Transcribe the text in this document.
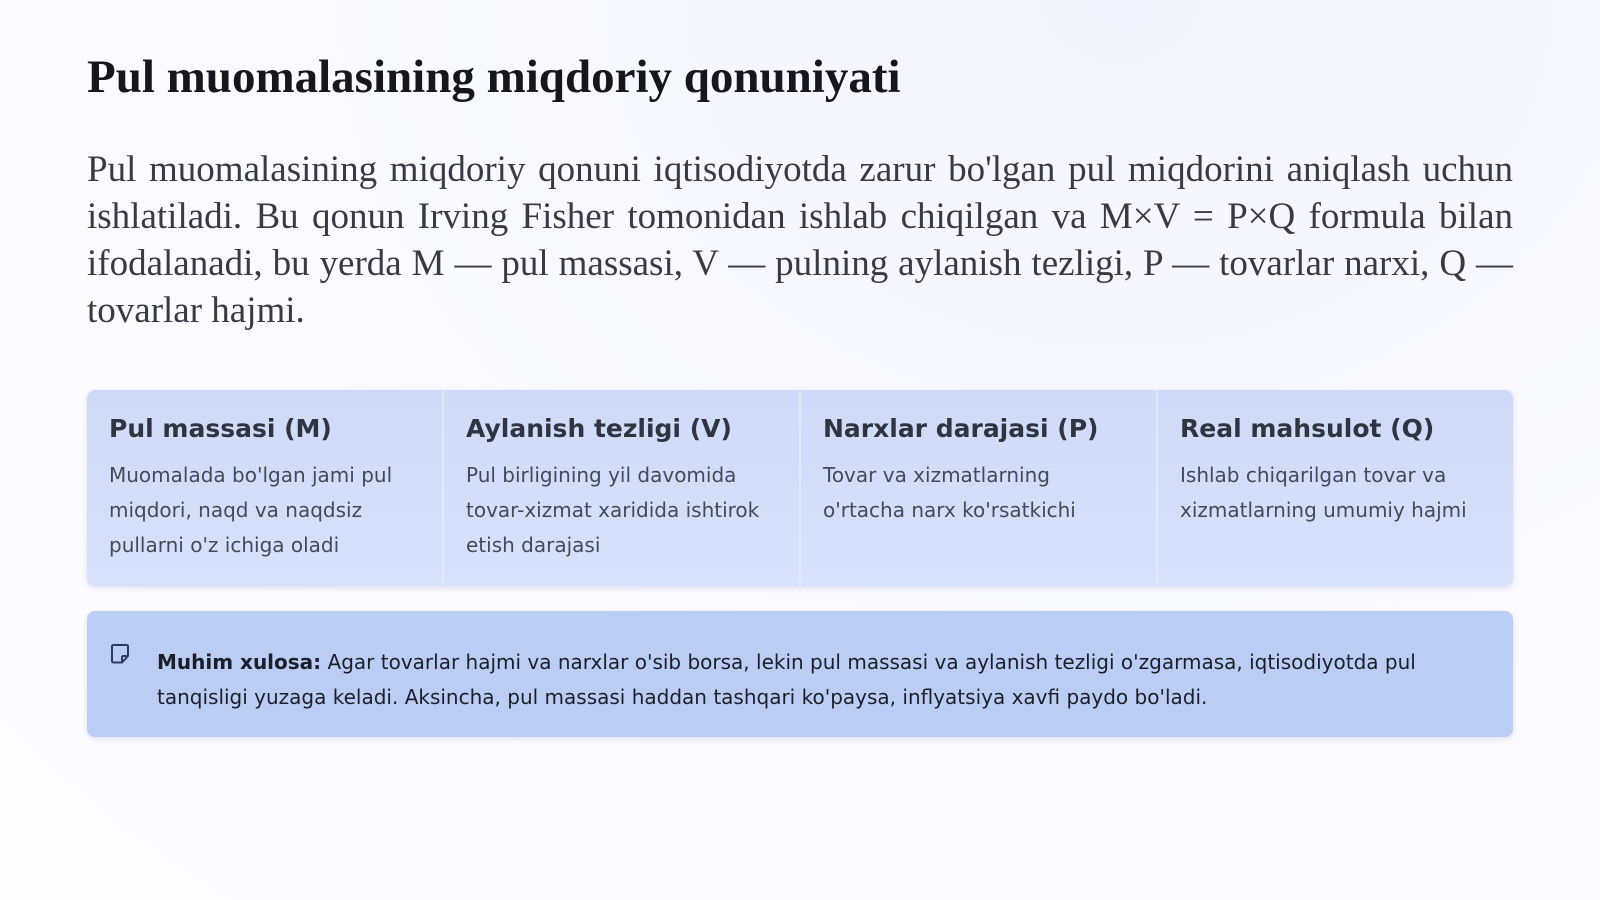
Pul muomalasining miqdoriy qonuniyati

Pul muomalasining miqdoriy qonuni iqtisodiyotda zarur bo'lgan pul miqdorini aniqlash uchun ishlatiladi. Bu qonun Irving Fisher tomonidan ishlab chiqilgan va M×V = P×Q formula bilan ifodalanadi, bu yerda M — pul massasi, V — pulning aylanish tezligi, P — tovarlar narxi, Q — tovarlar hajmi.

Pul massasi (M)

Muomalada bo'lgan jami pul miqdori, naqd va naqdsiz pullarni o'z ichiga oladi

Aylanish tezligi (V)

Pul birligining yil davomida tovar-xizmat xaridida ishtirok etish darajasi

Narxlar darajasi (P)

Tovar va xizmatlarning o'rtacha narx ko'rsatkichi

Real mahsulot (Q)

Ishlab chiqarilgan tovar va xizmatlarning umumiy hajmi

Muhim xulosa: Agar tovarlar hajmi va narxlar o'sib borsa, lekin pul massasi va aylanish tezligi o'zgarmasa, iqtisodiyotda pul tanqisligi yuzaga keladi. Aksincha, pul massasi haddan tashqari ko'paysa, inflyatsiya xavfi paydo bo'ladi.
